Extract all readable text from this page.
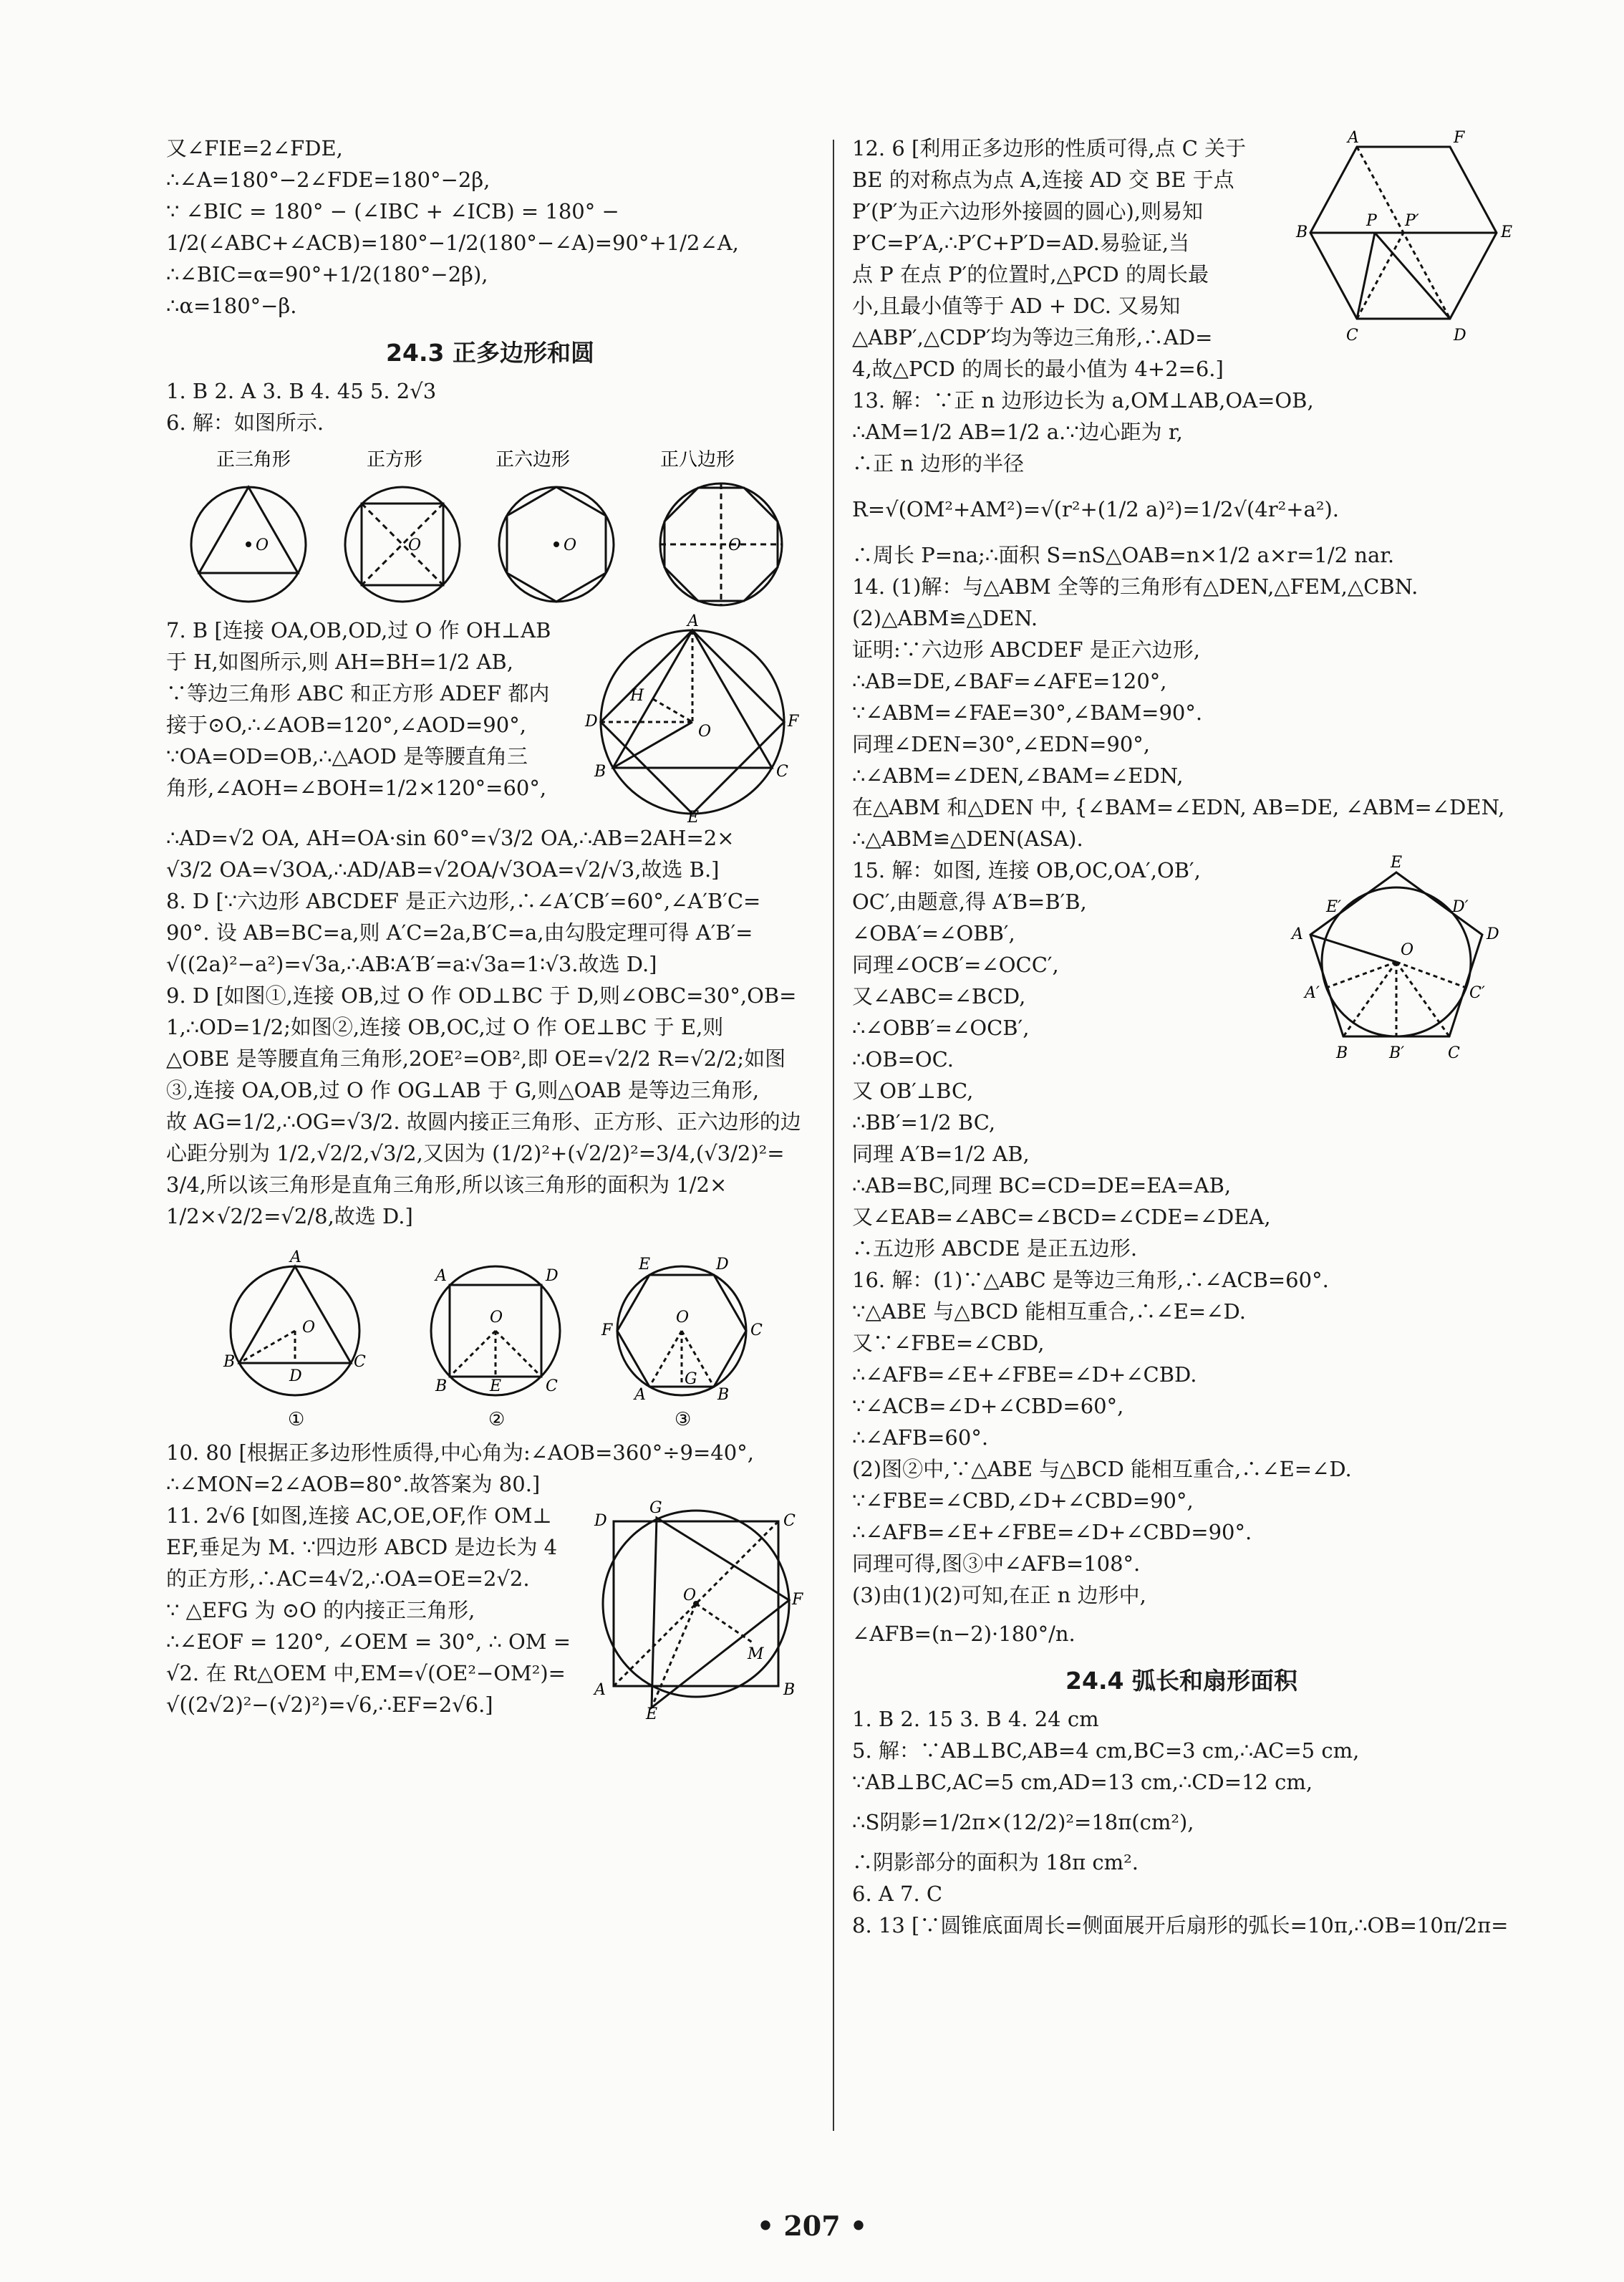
又∠FIE=2∠FDE,
∴∠A=180°−2∠FDE=180°−2β,
∵ ∠BIC = 180° − (∠IBC + ∠ICB) = 180° −
1/2(∠ABC+∠ACB)=180°−1/2(180°−∠A)=90°+1/2∠A,
∴∠BIC=α=90°+1/2(180°−2β),
∴α=180°−β.
24.3 正多边形和圆
1. B 2. A 3. B 4. 45 5. 2√3
6. 解：如图所示.
正三角形	正方形	正六边形	正八边形
O	O	O	O
7. B [连接 OA,OB,OD,过 O 作 OH⊥AB
于 H,如图所示,则 AH=BH=1/2 AB,
∵等边三角形 ABC 和正方形 ADEF 都内
接于⊙O,∴∠AOB=120°,∠AOD=90°,
∵OA=OD=OB,∴△AOD 是等腰直角三
角形,∠AOH=∠BOH=1/2×120°=60°,
A
H
O
D	F
B	C
E
∴AD=√2 OA, AH=OA·sin 60°=√3/2 OA,∴AB=2AH=2×
√3/2 OA=√3OA,∴AD/AB=√2OA/√3OA=√2/√3,故选 B.]
8. D [∵六边形 ABCDEF 是正六边形,∴∠A′CB′=60°,∠A′B′C=
90°. 设 AB=BC=a,则 A′C=2a,B′C=a,由勾股定理可得 A′B′=
√((2a)²−a²)=√3a,∴AB∶A′B′=a∶√3a=1∶√3.故选 D.]
9. D [如图①,连接 OB,过 O 作 OD⊥BC 于 D,则∠OBC=30°,OB=
1,∴OD=1/2;如图②,连接 OB,OC,过 O 作 OE⊥BC 于 E,则
△OBE 是等腰直角三角形,2OE²=OB²,即 OE=√2/2 R=√2/2;如图
③,连接 OA,OB,过 O 作 OG⊥AB 于 G,则△OAB 是等边三角形,
故 AG=1/2,∴OG=√3/2. 故圆内接正三角形、正方形、正六边形的边
心距分别为 1/2,√2/2,√3/2,又因为 (1/2)²+(√2/2)²=3/4,(√3/2)²=
3/4,所以该三角形是直角三角形,所以该三角形的面积为 1/2×
1/2×√2/2=√2/8,故选 D.]
A
O
B	C
D
O
A	D
B	C
E
O
E	D
F	C
A	B
G
①	②	③
10. 80 [根据正多边形性质得,中心角为:∠AOB=360°÷9=40°,
∴∠MON=2∠AOB=80°.故答案为 80.]
11. 2√6 [如图,连接 AC,OE,OF,作 OM⊥
EF,垂足为 M. ∵四边形 ABCD 是边长为 4
的正方形,∴AC=4√2,∴OA=OE=2√2.
∵ △EFG 为 ⊙O 的内接正三角形,
∴∠EOF = 120°, ∠OEM = 30°, ∴ OM =
√2. 在 Rt△OEM 中,EM=√(OE²−OM²)=
√((2√2)²−(√2)²)=√6,∴EF=2√6.]
G
D	C
O	F
M
A	B
E
12. 6 [利用正多边形的性质可得,点 C 关于
BE 的对称点为点 A,连接 AD 交 BE 于点
P′(P′为正六边形外接圆的圆心),则易知
P′C=P′A,∴P′C+P′D=AD.易验证,当
点 P 在点 P′的位置时,△PCD 的周长最
小,且最小值等于 AD + DC. 又易知
△ABP′,△CDP′均为等边三角形,∴AD=
4,故△PCD 的周长的最小值为 4+2=6.]
A	F
B	E
P P′
C	D
13. 解：∵正 n 边形边长为 a,OM⊥AB,OA=OB,
∴AM=1/2 AB=1/2 a.∵边心距为 r,
∴正 n 边形的半径
R=√(OM²+AM²)=√(r²+(1/2 a)²)=1/2√(4r²+a²).
∴周长 P=na;∴面积 S=nS△OAB=n×1/2 a×r=1/2 nar.
14. (1)解：与△ABM 全等的三角形有△DEN,△FEM,△CBN.
(2)△ABM≌△DEN.
证明:∵六边形 ABCDEF 是正六边形,
∴AB=DE,∠BAF=∠AFE=120°,
∵∠ABM=∠FAE=30°,∠BAM=90°.
同理∠DEN=30°,∠EDN=90°,
∴∠ABM=∠DEN,∠BAM=∠EDN,
在△ABM 和△DEN 中, {∠BAM=∠EDN, AB=DE, ∠ABM=∠DEN,
∴△ABM≌△DEN(ASA).
15. 解：如图, 连接 OB,OC,OA′,OB′,
OC′,由题意,得 A′B=B′B,
∠OBA′=∠OBB′,
同理∠OCB′=∠OCC′,
又∠ABC=∠BCD,
∴∠OBB′=∠OCB′,
∴OB=OC.
又 OB′⊥BC,
E
E′	D′
A	D
O
A′	C′
B	B′	C
∴BB′=1/2 BC,
同理 A′B=1/2 AB,
∴AB=BC,同理 BC=CD=DE=EA=AB,
又∠EAB=∠ABC=∠BCD=∠CDE=∠DEA,
∴五边形 ABCDE 是正五边形.
16. 解：(1)∵△ABC 是等边三角形,∴∠ACB=60°.
∵△ABE 与△BCD 能相互重合,∴∠E=∠D.
又∵∠FBE=∠CBD,
∴∠AFB=∠E+∠FBE=∠D+∠CBD.
∵∠ACB=∠D+∠CBD=60°,
∴∠AFB=60°.
(2)图②中,∵△ABE 与△BCD 能相互重合,∴∠E=∠D.
∵∠FBE=∠CBD,∠D+∠CBD=90°,
∴∠AFB=∠E+∠FBE=∠D+∠CBD=90°.
同理可得,图③中∠AFB=108°.
(3)由(1)(2)可知,在正 n 边形中,
∠AFB=(n−2)·180°/n.
24.4 弧长和扇形面积
1. B 2. 15 3. B 4. 24 cm
5. 解：∵AB⊥BC,AB=4 cm,BC=3 cm,∴AC=5 cm,
∵AB⊥BC,AC=5 cm,AD=13 cm,∴CD=12 cm,
∴S阴影=1/2π×(12/2)²=18π(cm²),
∴阴影部分的面积为 18π cm².
6. A 7. C
8. 13 [∵圆锥底面周长=侧面展开后扇形的弧长=10π,∴OB=10π/2π=
• 207 •
